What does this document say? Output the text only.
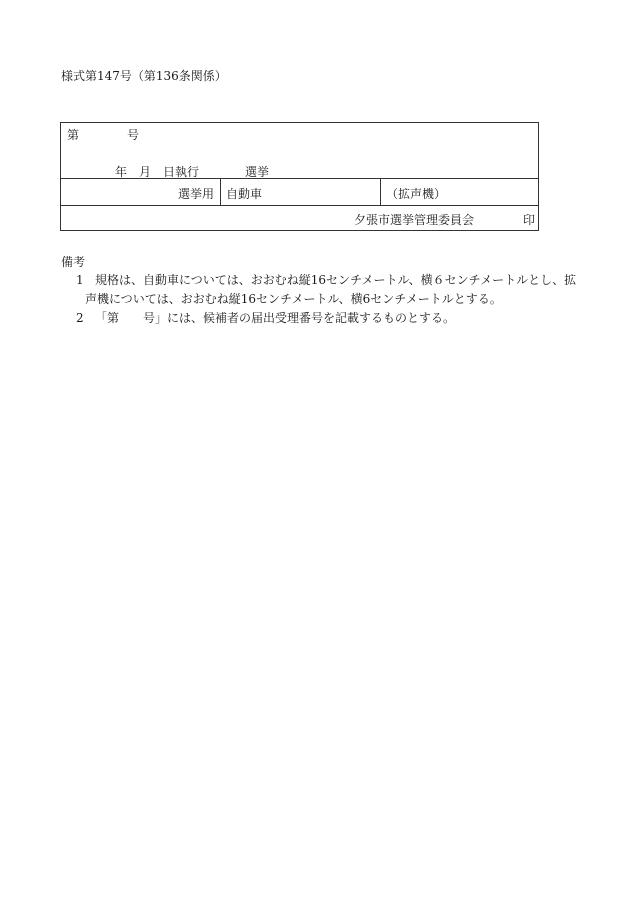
様式第147号（第136条関係）
第	号
年 月 日執行	選挙
選挙用 自動車	（拡声機）
夕張市選挙管理委員会	印
備考
1 規格は、自動車については、おおむね縦16センチメートル、横６センチメートルとし、拡
声機については、おおむね縦16センチメートル、横6センチメートルとする。
2 「第　　号」には、候補者の届出受理番号を記載するものとする。
